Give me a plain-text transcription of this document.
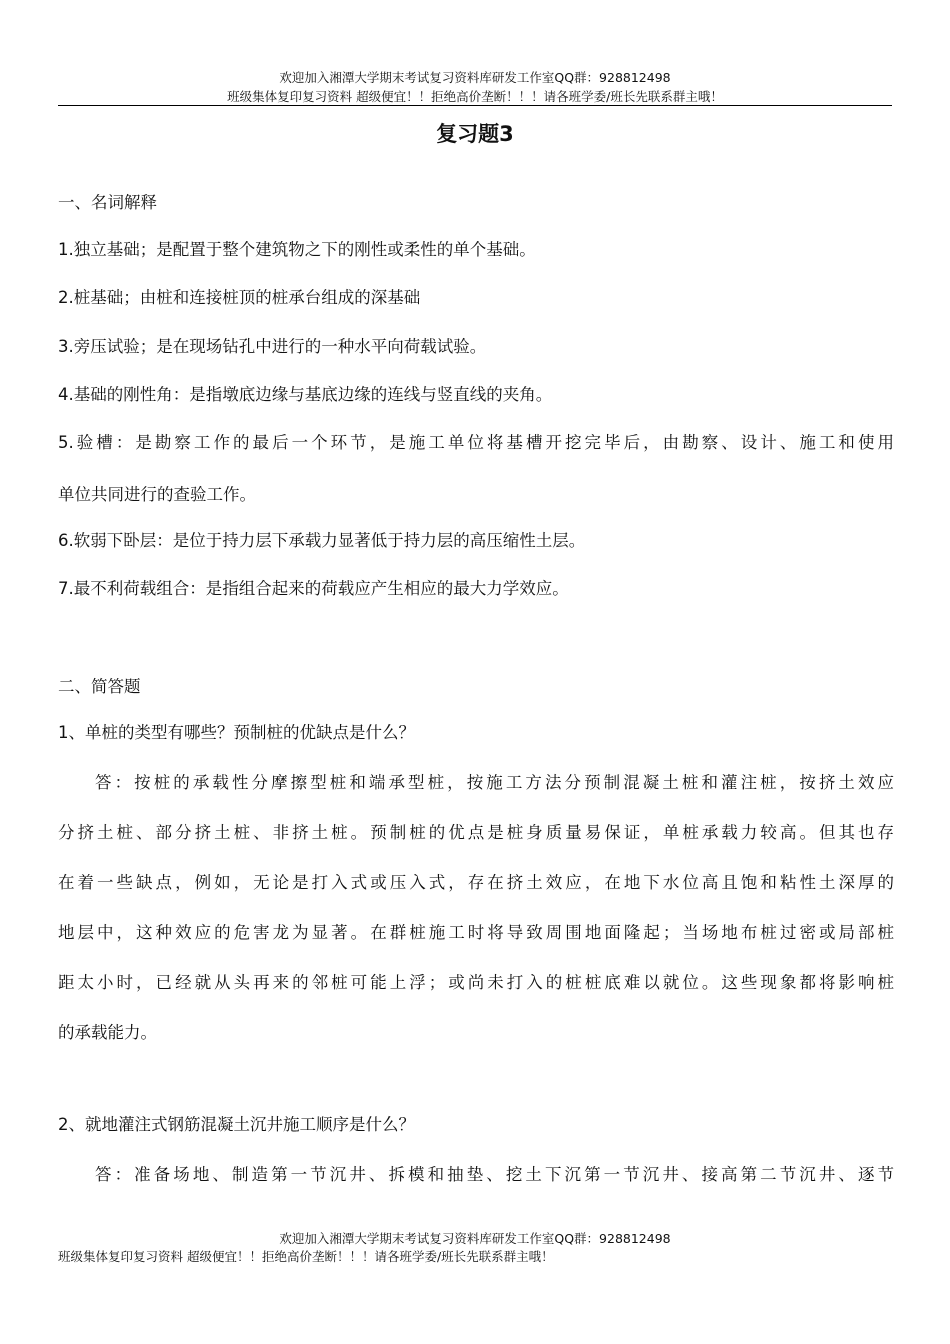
欢迎加入湘潭大学期末考试复习资料库研发工作室QQ群：928812498
班级集体复印复习资料 超级便宜！！拒绝高价垄断！！！请各班学委/班长先联系群主哦！
复习题3
一、名词解释
1.独立基础；是配置于整个建筑物之下的刚性或柔性的单个基础。
2.桩基础；由桩和连接桩顶的桩承台组成的深基础
3.旁压试验；是在现场钻孔中进行的一种水平向荷载试验。
4.基础的刚性角：是指墩底边缘与基底边缘的连线与竖直线的夹角。
5.验槽：是勘察工作的最后一个环节，是施工单位将基槽开挖完毕后，由勘察、设计、施工和使用
单位共同进行的查验工作。
6.软弱下卧层：是位于持力层下承载力显著低于持力层的高压缩性土层。
7.最不利荷载组合：是指组合起来的荷载应产生相应的最大力学效应。
二、简答题
1、单桩的类型有哪些？预制桩的优缺点是什么？
答：按桩的承载性分摩擦型桩和端承型桩，按施工方法分预制混凝土桩和灌注桩，按挤土效应
分挤土桩、部分挤土桩、非挤土桩。预制桩的优点是桩身质量易保证，单桩承载力较高。但其也存
在着一些缺点，例如，无论是打入式或压入式，存在挤土效应，在地下水位高且饱和粘性土深厚的
地层中，这种效应的危害龙为显著。在群桩施工时将导致周围地面隆起；当场地布桩过密或局部桩
距太小时，已经就从头再来的邻桩可能上浮；或尚未打入的桩桩底难以就位。这些现象都将影响桩
的承载能力。
2、就地灌注式钢筋混凝土沉井施工顺序是什么？
答：准备场地、制造第一节沉井、拆模和抽垫、挖土下沉第一节沉井、接高第二节沉井、逐节
欢迎加入湘潭大学期末考试复习资料库研发工作室QQ群：928812498
班级集体复印复习资料 超级便宜！！拒绝高价垄断！！！请各班学委/班长先联系群主哦！
